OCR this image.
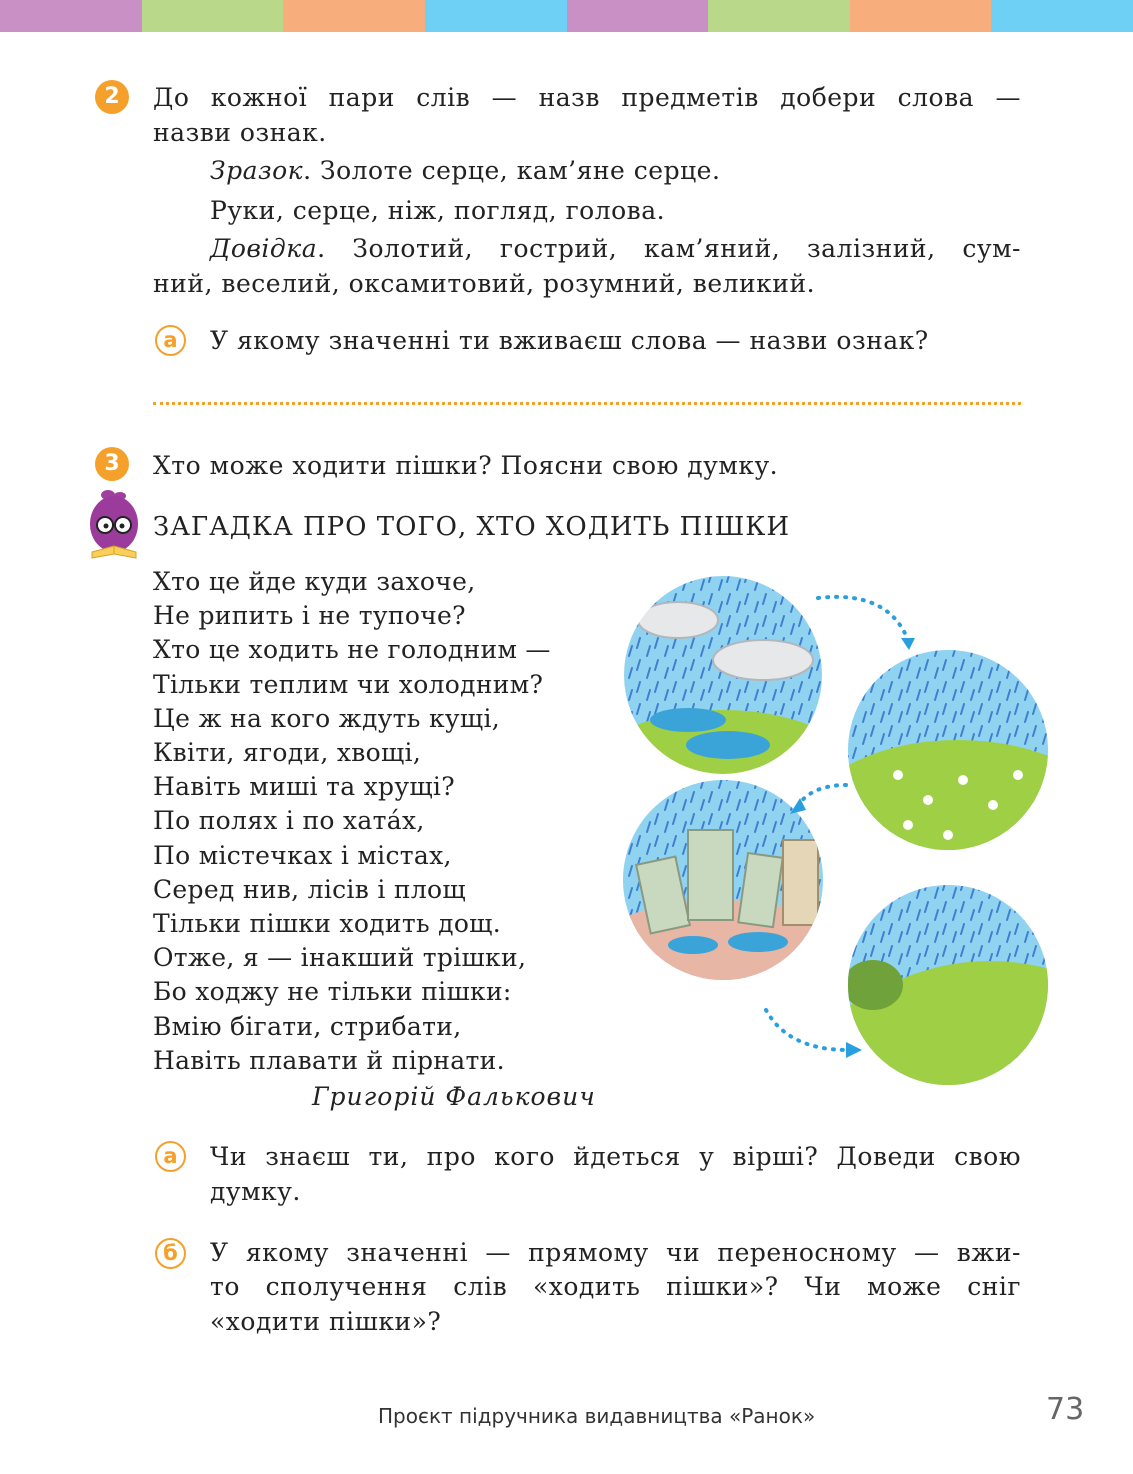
2	До кожної пари слів — назв предметів добери слова —
назви ознак.
Зразок. Золоте серце, кам’яне серце.
Руки, серце, ніж, погляд, голова.
Довідка. Золотий, гострий, кам’яний, залізний, сум-
ний, веселий, оксамитовий, розумний, великий.
а	У якому значенні ти вживаєш слова — назви ознак?
3	Хто може ходити пішки? Поясни свою думку.
ЗАГАДКА ПРО ТОГО, ХТО ХОДИТЬ ПІШКИ
Хто це йде куди захоче,
Не рипить і не тупоче?
Хто це ходить не голодним —
Тільки теплим чи холодним?
Це ж на кого ждуть кущі,
Квіти, ягоди, хвощі,
Навіть миші та хрущі?
По полях і по хата́х,
По містечках і містах,
Серед нив, лісів і площ
Тільки пішки ходить дощ.
Отже, я — інакший трішки,
Бо ходжу не тільки пішки:
Вмію бігати, стрибати,
Навіть плавати й пірнати.
Григорій Фалькович
а	Чи знаєш ти, про кого йдеться у вірші? Доведи свою
думку.
б	У якому значенні — прямому чи переносному — вжи-
то сполучення слів «ходить пішки»? Чи може сніг
«ходити пішки»?
Проєкт підручника видавництва «Ранок»	73
